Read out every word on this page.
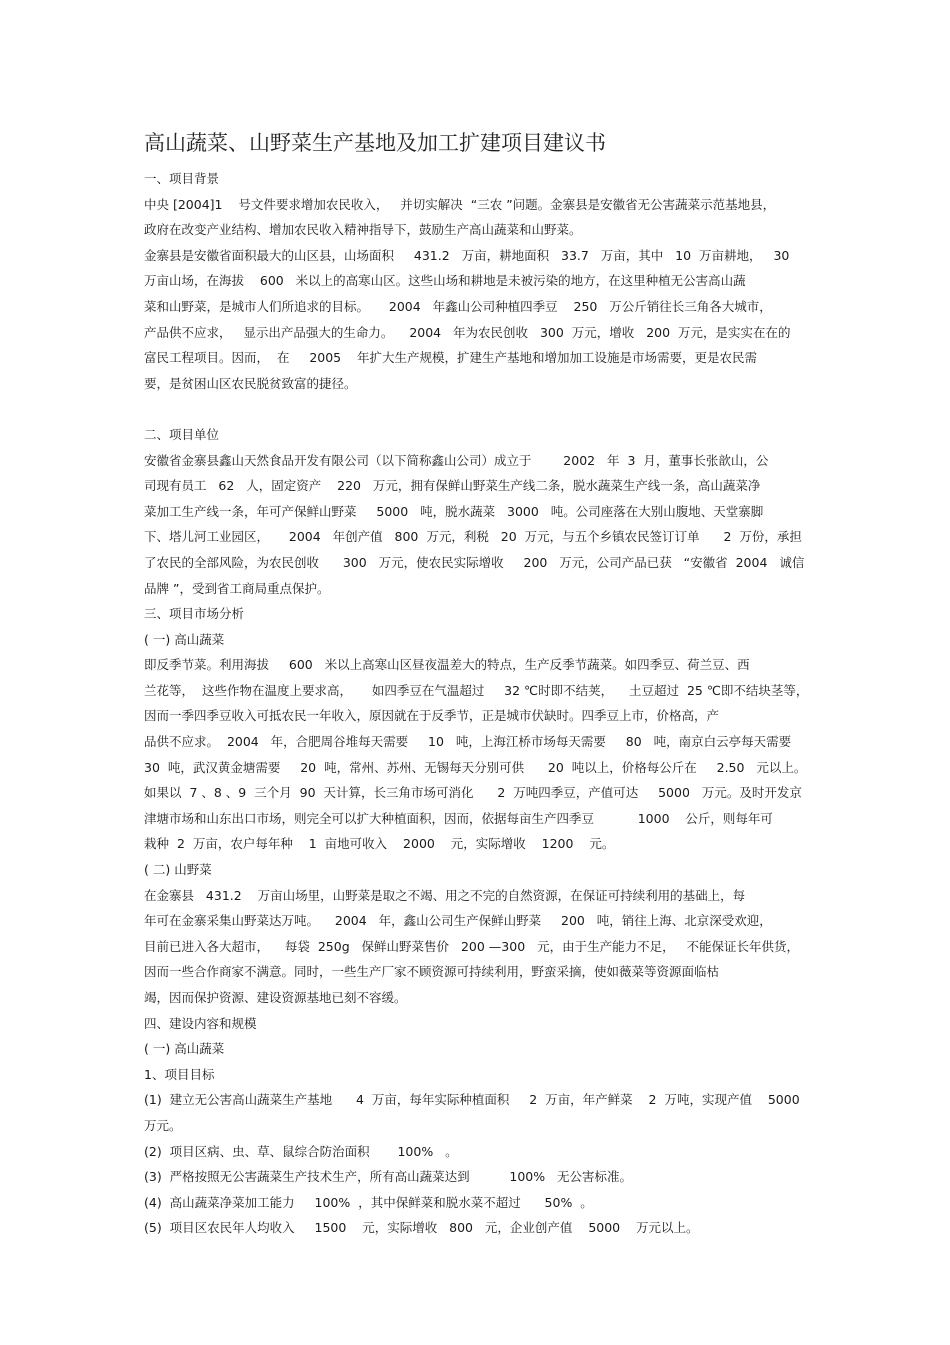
高山蔬菜、山野菜生产基地及加工扩建项目建议书
一、项目背景
中央 [2004]1    号文件要求增加农民收入，   并切实解决  “三农 ”问题。金寨县是安徽省无公害蔬菜示范基地县，
政府在改变产业结构、增加农民收入精神指导下，鼓励生产高山蔬菜和山野菜。
金寨县是安徽省面积最大的山区县，山场面积     431.2   万亩，耕地面积   33.7   万亩，其中   10  万亩耕地，   30
万亩山场，在海拔    600   米以上的高寒山区。这些山场和耕地是未被污染的地方，在这里种植无公害高山蔬
菜和山野菜，是城市人们所追求的目标。     2004   年鑫山公司种植四季豆    250   万公斤销往长三角各大城市，
产品供不应求，   显示出产品强大的生命力。    2004   年为农民创收   300  万元，增收   200  万元，是实实在在的
富民工程项目。因而，  在     2005    年扩大生产规模，扩建生产基地和增加加工设施是市场需要，更是农民需
要，是贫困山区农民脱贫致富的捷径。
二、项目单位
安徽省金寨县鑫山天然食品开发有限公司（以下简称鑫山公司）成立于        2002   年  3  月，董事长张歆山，公
司现有员工   62   人，固定资产    220   万元，拥有保鲜山野菜生产线二条，脱水蔬菜生产线一条，高山蔬菜净
菜加工生产线一条，年可产保鲜山野菜     5000   吨，脱水蔬菜   3000   吨。公司座落在大别山腹地、天堂寨脚
下、塔儿河工业园区，     2004   年创产值   800  万元，利税   20  万元，与五个乡镇农民签订订单      2  万份，承担
了农民的全部风险，为农民创收      300   万元，使农民实际增收     200   万元，公司产品已获   “安徽省  2004   诚信
品牌 ”，受到省工商局重点保护。
三、项目市场分析
( 一) 高山蔬菜
即反季节菜。利用海拔     600   米以上高寒山区昼夜温差大的特点，生产反季节蔬菜。如四季豆、荷兰豆、西
兰花等，  这些作物在温度上要求高，     如四季豆在气温超过     32 ℃时即不结荚，    土豆超过  25 ℃即不结块茎等，
因而一季四季豆收入可抵农民一年收入，原因就在于反季节，正是城市伏缺时。四季豆上市，价格高，产
品供不应求。  2004   年，合肥周谷堆每天需要     10   吨，上海江桥市场每天需要     80   吨，南京白云亭每天需要
30  吨，武汉黄金塘需要     20  吨，常州、苏州、无锡每天分别可供      20  吨以上，价格每公斤在     2.50   元以上。
如果以  7 、8 、9  三个月  90  天计算，长三角市场可消化      2  万吨四季豆，产值可达     5000   万元。及时开发京
津塘市场和山东出口市场，则完全可以扩大种植面积，因而，依据每亩生产四季豆           1000    公斤，则每年可
栽种  2  万亩，农户每年种    1  亩地可收入    2000    元，实际增收    1200    元。
( 二) 山野菜
在金寨县   431.2    万亩山场里，山野菜是取之不竭、用之不完的自然资源，在保证可持续利用的基础上，每
年可在金寨采集山野菜达万吨。    2004   年，鑫山公司生产保鲜山野菜     200   吨，销往上海、北京深受欢迎，
目前已进入各大超市，    每袋  250g   保鲜山野菜售价   200 —300   元，由于生产能力不足，   不能保证长年供货，
因而一些合作商家不满意。同时，一些生产厂家不顾资源可持续利用，野蛮采摘，使如薇菜等资源面临枯
竭，因而保护资源、建设资源基地已刻不容缓。
四、建设内容和规模
( 一) 高山蔬菜
1、项目目标
(1)  建立无公害高山蔬菜生产基地      4  万亩，每年实际种植面积     2  万亩，年产鲜菜    2  万吨，实现产值    5000
万元。
(2)  项目区病、虫、草、鼠综合防治面积       100%   。
(3)  严格按照无公害蔬菜生产技术生产，所有高山蔬菜达到          100%   无公害标准。
(4)  高山蔬菜净菜加工能力     100%  ，其中保鲜菜和脱水菜不超过      50%  。
(5)  项目区农民年人均收入     1500    元，实际增收   800   元，企业创产值    5000    万元以上。
